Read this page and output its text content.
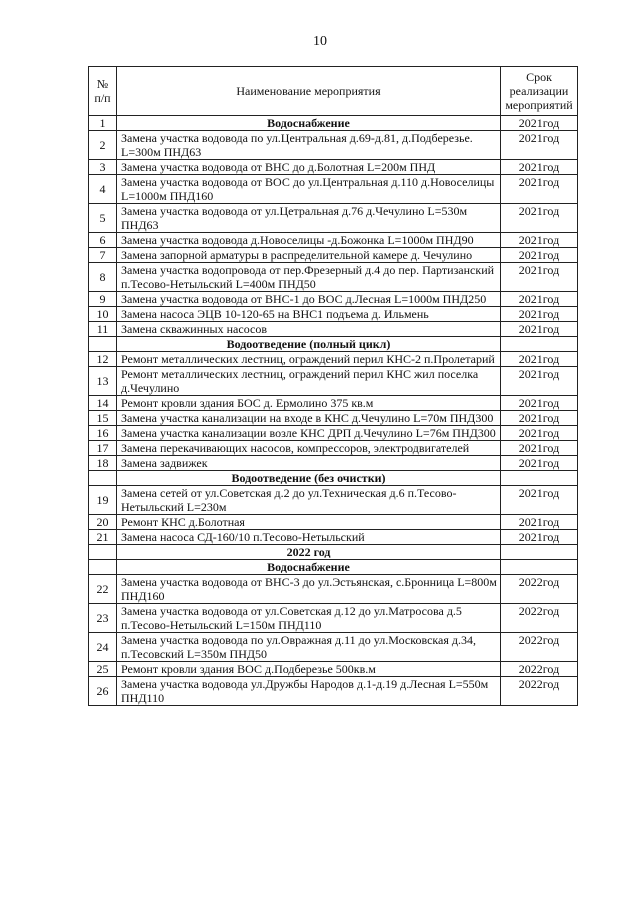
10
№ п/п	Наименование мероприятия	Срок реализации мероприятий
1	Водоснабжение	2021год
2	Замена участка водовода по ул.Центральная д.69-д.81, д.Подберезье. L=300м ПНД63	2021год
3	Замена участка водовода от ВНС до д.Болотная L=200м ПНД	2021год
4	Замена участка водовода от ВОС до ул.Центральная д.110 д.Новоселицы L=1000м ПНД160	2021год
5	Замена участка водовода от ул.Цетральная д.76 д.Чечулино L=530м ПНД63	2021год
6	Замена участка водовода д.Новоселицы -д.Божонка L=1000м ПНД90	2021год
7	Замена запорной арматуры в распределительной камере д. Чечулино	2021год
8	Замена участка водопровода от пер.Фрезерный д.4 до пер. Партизанский п.Тесово-Нетыльский L=400м ПНД50	2021год
9	Замена участка водовода от ВНС-1 до ВОС д.Лесная L=1000м ПНД250	2021год
10	Замена насоса ЭЦВ 10-120-65 на ВНС1 подъема д. Ильмень	2021год
11	Замена скважинных насосов	2021год
	Водоотведение (полный цикл)	
12	Ремонт металлических лестниц, ограждений перил КНС-2 п.Пролетарий	2021год
13	Ремонт металлических лестниц, ограждений перил КНС жил поселка д.Чечулино	2021год
14	Ремонт кровли здания БОС д. Ермолино 375 кв.м	2021год
15	Замена участка канализации на входе в КНС д.Чечулино L=70м ПНД300	2021год
16	Замена участка канализации возле КНС ДРП д.Чечулино L=76м ПНД300	2021год
17	Замена перекачивающих насосов, компрессоров, электродвигателей	2021год
18	Замена задвижек	2021год
	Водоотведение (без очистки)	
19	Замена сетей от ул.Советская д.2 до ул.Техническая д.6 п.Тесово-Нетыльский L=230м	2021год
20	Ремонт КНС д.Болотная	2021год
21	Замена насоса СД-160/10 п.Тесово-Нетыльский	2021год
	2022 год	
	Водоснабжение	
22	Замена участка водовода от ВНС-3 до ул.Эстьянская, с.Бронница L=800м ПНД160	2022год
23	Замена участка водовода от ул.Советская д.12 до ул.Матросова д.5 п.Тесово-Нетыльский L=150м ПНД110	2022год
24	Замена участка водовода по ул.Овражная д.11 до ул.Московская д.34, п.Тесовский L=350м ПНД50	2022год
25	Ремонт кровли здания ВОС д.Подберезье 500кв.м	2022год
26	Замена участка водовода ул.Дружбы Народов д.1-д.19 д.Лесная L=550м ПНД110	2022год
